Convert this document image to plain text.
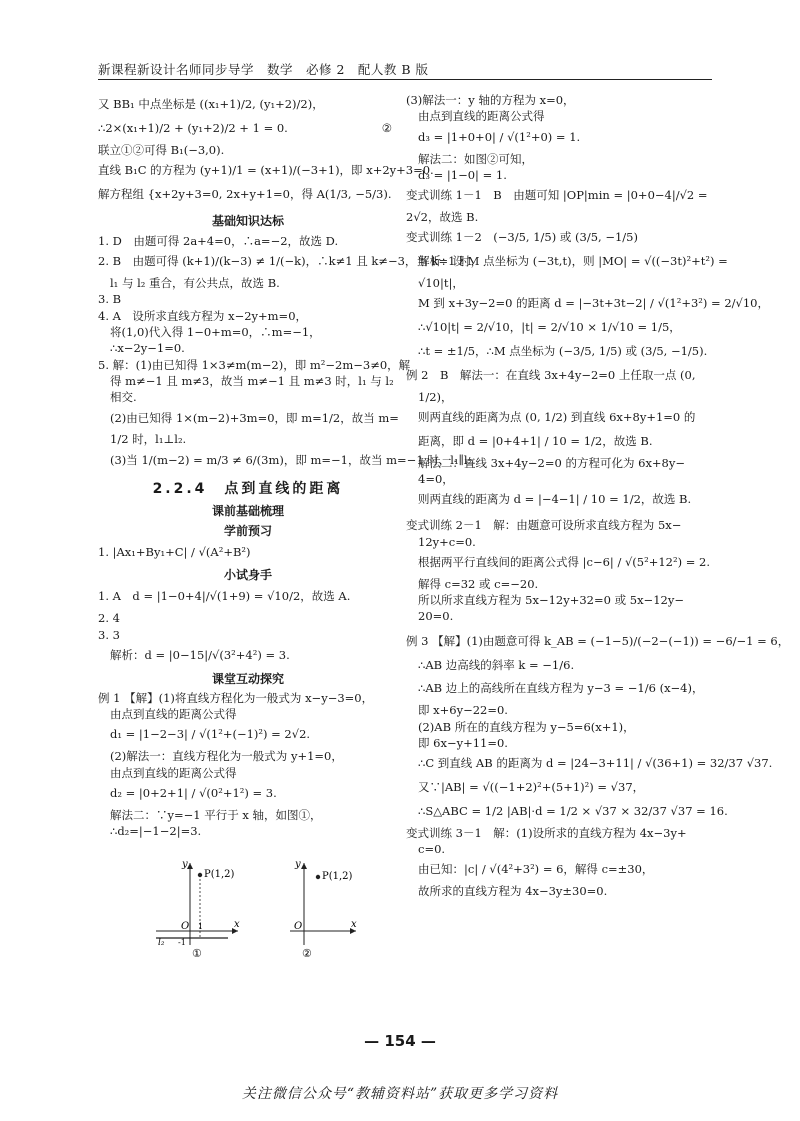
新课程新设计名师同步导学　数学　必修 2　配人教 B 版
又 BB₁ 中点坐标是 ((x₁+1)/2, (y₁+2)/2)，
∴2×(x₁+1)/2 + (y₁+2)/2 + 1 = 0.	②
联立①②可得 B₁(−3,0).
直线 B₁C 的方程为 (y+1)/1 = (x+1)/(−3+1)，即 x+2y+3=0.
解方程组 {x+2y+3=0, 2x+y+1=0，得 A(1/3, −5/3).
基础知识达标
1. D　由题可得 2a+4=0，∴a=−2，故选 D.
2. B　由题可得 (k+1)/(k−3) ≠ 1/(−k)，∴k≠1 且 k≠−3，当 k=1 时，
l₁ 与 l₂ 重合，有公共点，故选 B.
3. B
4. A　设所求直线方程为 x−2y+m=0，
将(1,0)代入得 1−0+m=0，∴m=−1，
∴x−2y−1=0.
5. 解：(1)由已知得 1×3≠m(m−2)，即 m²−2m−3≠0，解
得 m≠−1 且 m≠3，故当 m≠−1 且 m≠3 时，l₁ 与 l₂
相交.
(2)由已知得 1×(m−2)+3m=0，即 m=1/2，故当 m=
1/2 时，l₁⊥l₂.
(3)当 1/(m−2) = m/3 ≠ 6/(3m)，即 m=−1，故当 m=−1 时，l₁∥l₂.
2.2.4　点到直线的距离
课前基础梳理
学前预习
1. |Ax₁+By₁+C| / √(A²+B²)
小试身手
1. A　d = |1−0+4|/√(1+9) = √10/2，故选 A.
2. 4
3. 3
解析：d = |0−15|/√(3²+4²) = 3.
课堂互动探究
例 1 【解】(1)将直线方程化为一般式为 x−y−3=0，
由点到直线的距离公式得
d₁ = |1−2−3| / √(1²+(−1)²) = 2√2.
(2)解法一：直线方程化为一般式为 y+1=0，
由点到直线的距离公式得
d₂ = |0+2+1| / √(0²+1²) = 3.
解法二：∵y=−1 平行于 x 轴，如图①，
∴d₂=|−1−2|=3.
P(1,2)
y
x
O
l₂ -1
1
①
P(1,2)
y
x
O
②
(3)解法一：y 轴的方程为 x=0，
由点到直线的距离公式得
d₃ = |1+0+0| / √(1²+0) = 1.
解法二：如图②可知，
d₃ = |1−0| = 1.
变式训练 1－1　B　由题可知 |OP|min = |0+0−4|/√2 =
2√2，故选 B.
变式训练 1－2　(−3/5, 1/5) 或 (3/5, −1/5)
解析：设 M 点坐标为 (−3t,t)，则 |MO| = √((−3t)²+t²) =
√10|t|，
M 到 x+3y−2=0 的距离 d = |−3t+3t−2| / √(1²+3²) = 2/√10，
∴√10|t| = 2/√10，|t| = 2/√10 × 1/√10 = 1/5，
∴t = ±1/5，∴M 点坐标为 (−3/5, 1/5) 或 (3/5, −1/5).
例 2　B　解法一：在直线 3x+4y−2=0 上任取一点 (0,
1/2)，
则两直线的距离为点 (0, 1/2) 到直线 6x+8y+1=0 的
距离，即 d = |0+4+1| / 10 = 1/2，故选 B.
解法二：直线 3x+4y−2=0 的方程可化为 6x+8y−
4=0，
则两直线的距离为 d = |−4−1| / 10 = 1/2，故选 B.
变式训练 2－1　解：由题意可设所求直线方程为 5x−
12y+c=0.
根据两平行直线间的距离公式得 |c−6| / √(5²+12²) = 2.
解得 c=32 或 c=−20.
所以所求直线方程为 5x−12y+32=0 或 5x−12y−
20=0.
例 3 【解】(1)由题意可得 k_AB = (−1−5)/(−2−(−1)) = −6/−1 = 6，
∴AB 边高线的斜率 k = −1/6.
∴AB 边上的高线所在直线方程为 y−3 = −1/6 (x−4)，
即 x+6y−22=0.
(2)AB 所在的直线方程为 y−5=6(x+1)，
即 6x−y+11=0.
∴C 到直线 AB 的距离为 d = |24−3+11| / √(36+1) = 32/37 √37.
又∵|AB| = √((−1+2)²+(5+1)²) = √37，
∴S△ABC = 1/2 |AB|·d = 1/2 × √37 × 32/37 √37 = 16.
变式训练 3－1　解：(1)设所求的直线方程为 4x−3y+
c=0.
由已知：|c| / √(4²+3²) = 6，解得 c=±30，
故所求的直线方程为 4x−3y±30=0.
— 154 —
关注微信公众号“教辅资料站”获取更多学习资料
